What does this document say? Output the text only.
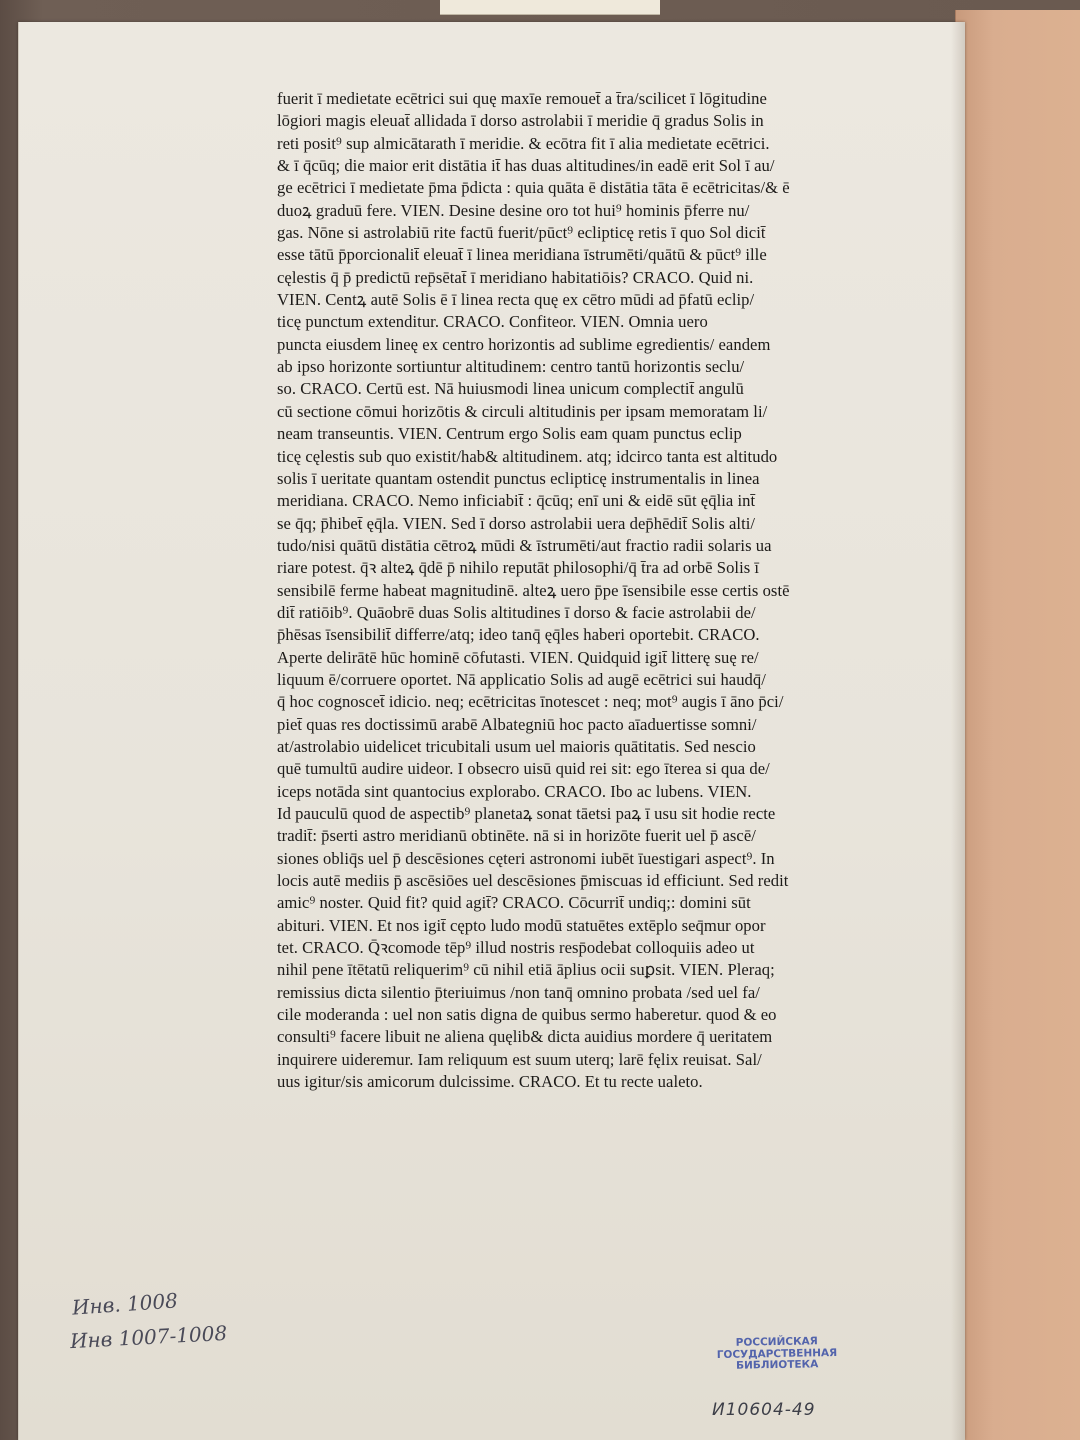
fuerit ī medietate ecētrici sui quę maxīe remouet̄ a t̄ra/scilicet ī lōgitudine
lōgiori magis eleuat̄ allidada ī dorso astrolabii ī meridie q̄ gradus Solis in
reti posit⁹ sup almicātarath ī meridie. & ecōtra fit ī alia medietate ecētrici.
& ī q̄cūq; die maior erit distātia it̄ has duas altitudines/in eadē erit Sol ī au/
ge ecētrici ī medietate p̄ma p̄dicta : quia quāta ē distātia tāta ē ecētricitas/& ē
duoꝝ graduū fere. VIEN. Desine desine oro tot hui⁹ hominis p̄ferre nu/
gas. Nōne si astrolabiū rite factū fuerit/pūct⁹ eclipticę retis ī quo Sol dicit̄
esse tātū p̄porcionalit̄ eleuat̄ ī linea meridiana īstrumēti/quātū & pūct⁹ ille
cęlestis q̄ p̄ predictū rep̄sētat̄ ī meridiano habitatiōis? CRACO. Quid ni.
VIEN. Centꝝ autē Solis ē ī linea recta quę ex cētro mūdi ad p̄fatū eclip/
ticę punctum extenditur. CRACO. Confiteor. VIEN. Omnia uero
puncta eiusdem lineę ex centro horizontis ad sublime egredientis/ eandem
ab ipso horizonte sortiuntur altitudinem: centro tantū horizontis seclu/
so. CRACO. Certū est. Nā huiusmodi linea unicum complectit̄ angulū
cū sectione cōmui horizōtis & circuli altitudinis per ipsam memoratam li/
neam transeuntis. VIEN. Centrum ergo Solis eam quam punctus eclip
ticę cęlestis sub quo existit/hab& altitudinem. atq; idcirco tanta est altitudo
solis ī ueritate quantam ostendit punctus eclipticę instrumentalis in linea
meridiana. CRACO. Nemo inficiabit̄ : q̄cūq; enī uni & eidē sūt ęq̄lia int̄
se q̄q; p̄hibet̄ ęq̄la. VIEN. Sed ī dorso astrolabii uera dep̄hēdit̄ Solis alti/
tudo/nisi quātū distātia cētroꝝ mūdi & īstrumēti/aut fractio radii solaris ua
riare potest. q̄ꝛ alteꝝ q̄dē p̄ nihilo reputāt philosophi/q̄ t̄ra ad orbē Solis ī
sensibilē ferme habeat magnitudinē. alteꝝ uero p̄pe īsensibile esse certis ostē
dit̄ ratiōib⁹. Quāobrē duas Solis altitudines ī dorso & facie astrolabii de/
p̄hēsas īsensibilit̄ differre/atq; ideo tanq̄ ęq̄les haberi oportebit. CRACO.
Aperte delirātē hūc hominē cōfutasti. VIEN. Quidquid igit̄ litterę suę re/
liquum ē/corruere oportet. Nā applicatio Solis ad augē ecētrici sui haudq̄/
q̄ hoc cognoscet̄ idicio. neq; ecētricitas īnotescet : neq; mot⁹ augis ī āno p̄ci/
piet̄ quas res doctissimū arabē Albategniū hoc pacto aīaduertisse somni/
at/astrolabio uidelicet tricubitali usum uel maioris quātitatis. Sed nescio
quē tumultū audire uideor. I obsecro uisū quid rei sit: ego īterea si qua de/
iceps notāda sint quantocius explorabo. CRACO. Ibo ac lubens. VIEN.
Id pauculū quod de aspectib⁹ planetaꝝ sonat tāetsi paꝝ ī usu sit hodie recte
tradit̄: p̄serti astro meridianū obtinēte. nā si in horizōte fuerit uel p̄ ascē/
siones obliq̄s uel p̄ descēsiones cęteri astronomi iubēt īuestigari aspect⁹. In
locis autē mediis p̄ ascēsiōes uel descēsiones p̄miscuas id efficiunt. Sed redit
amic⁹ noster. Quid fit? quid agit̄? CRACO. Cōcurrit̄ undiq;: domini sūt
abituri. VIEN. Et nos igit̄ cępto ludo modū statuētes extēplo seq̄mur opor
tet. CRACO. Q̄ꝛcomode tēp⁹ illud nostris resp̄odebat colloquiis adeo ut
nihil pene ītētatū reliquerim⁹ cū nihil etiā āplius ocii suꝑsit. VIEN. Pleraq;
remissius dicta silentio p̄teriuimus /non tanq̄ omnino probata /sed uel fa/
cile moderanda : uel non satis digna de quibus sermo haberetur. quod & eo
consulti⁹ facere libuit ne aliena quęlib& dicta auidius mordere q̄ ueritatem
inquirere uideremur. Iam reliquum est suum uterq; larē fęlix reuisat. Sal/
uus igitur/sis amicorum dulcissime. CRACO. Et tu recte ualeto.
Инв. 1008
Инв 1007-1008	РОССИЙСКАЯ
ГОСУДАРСТВЕННАЯ
БИБЛИОТЕКА
И10604-49
